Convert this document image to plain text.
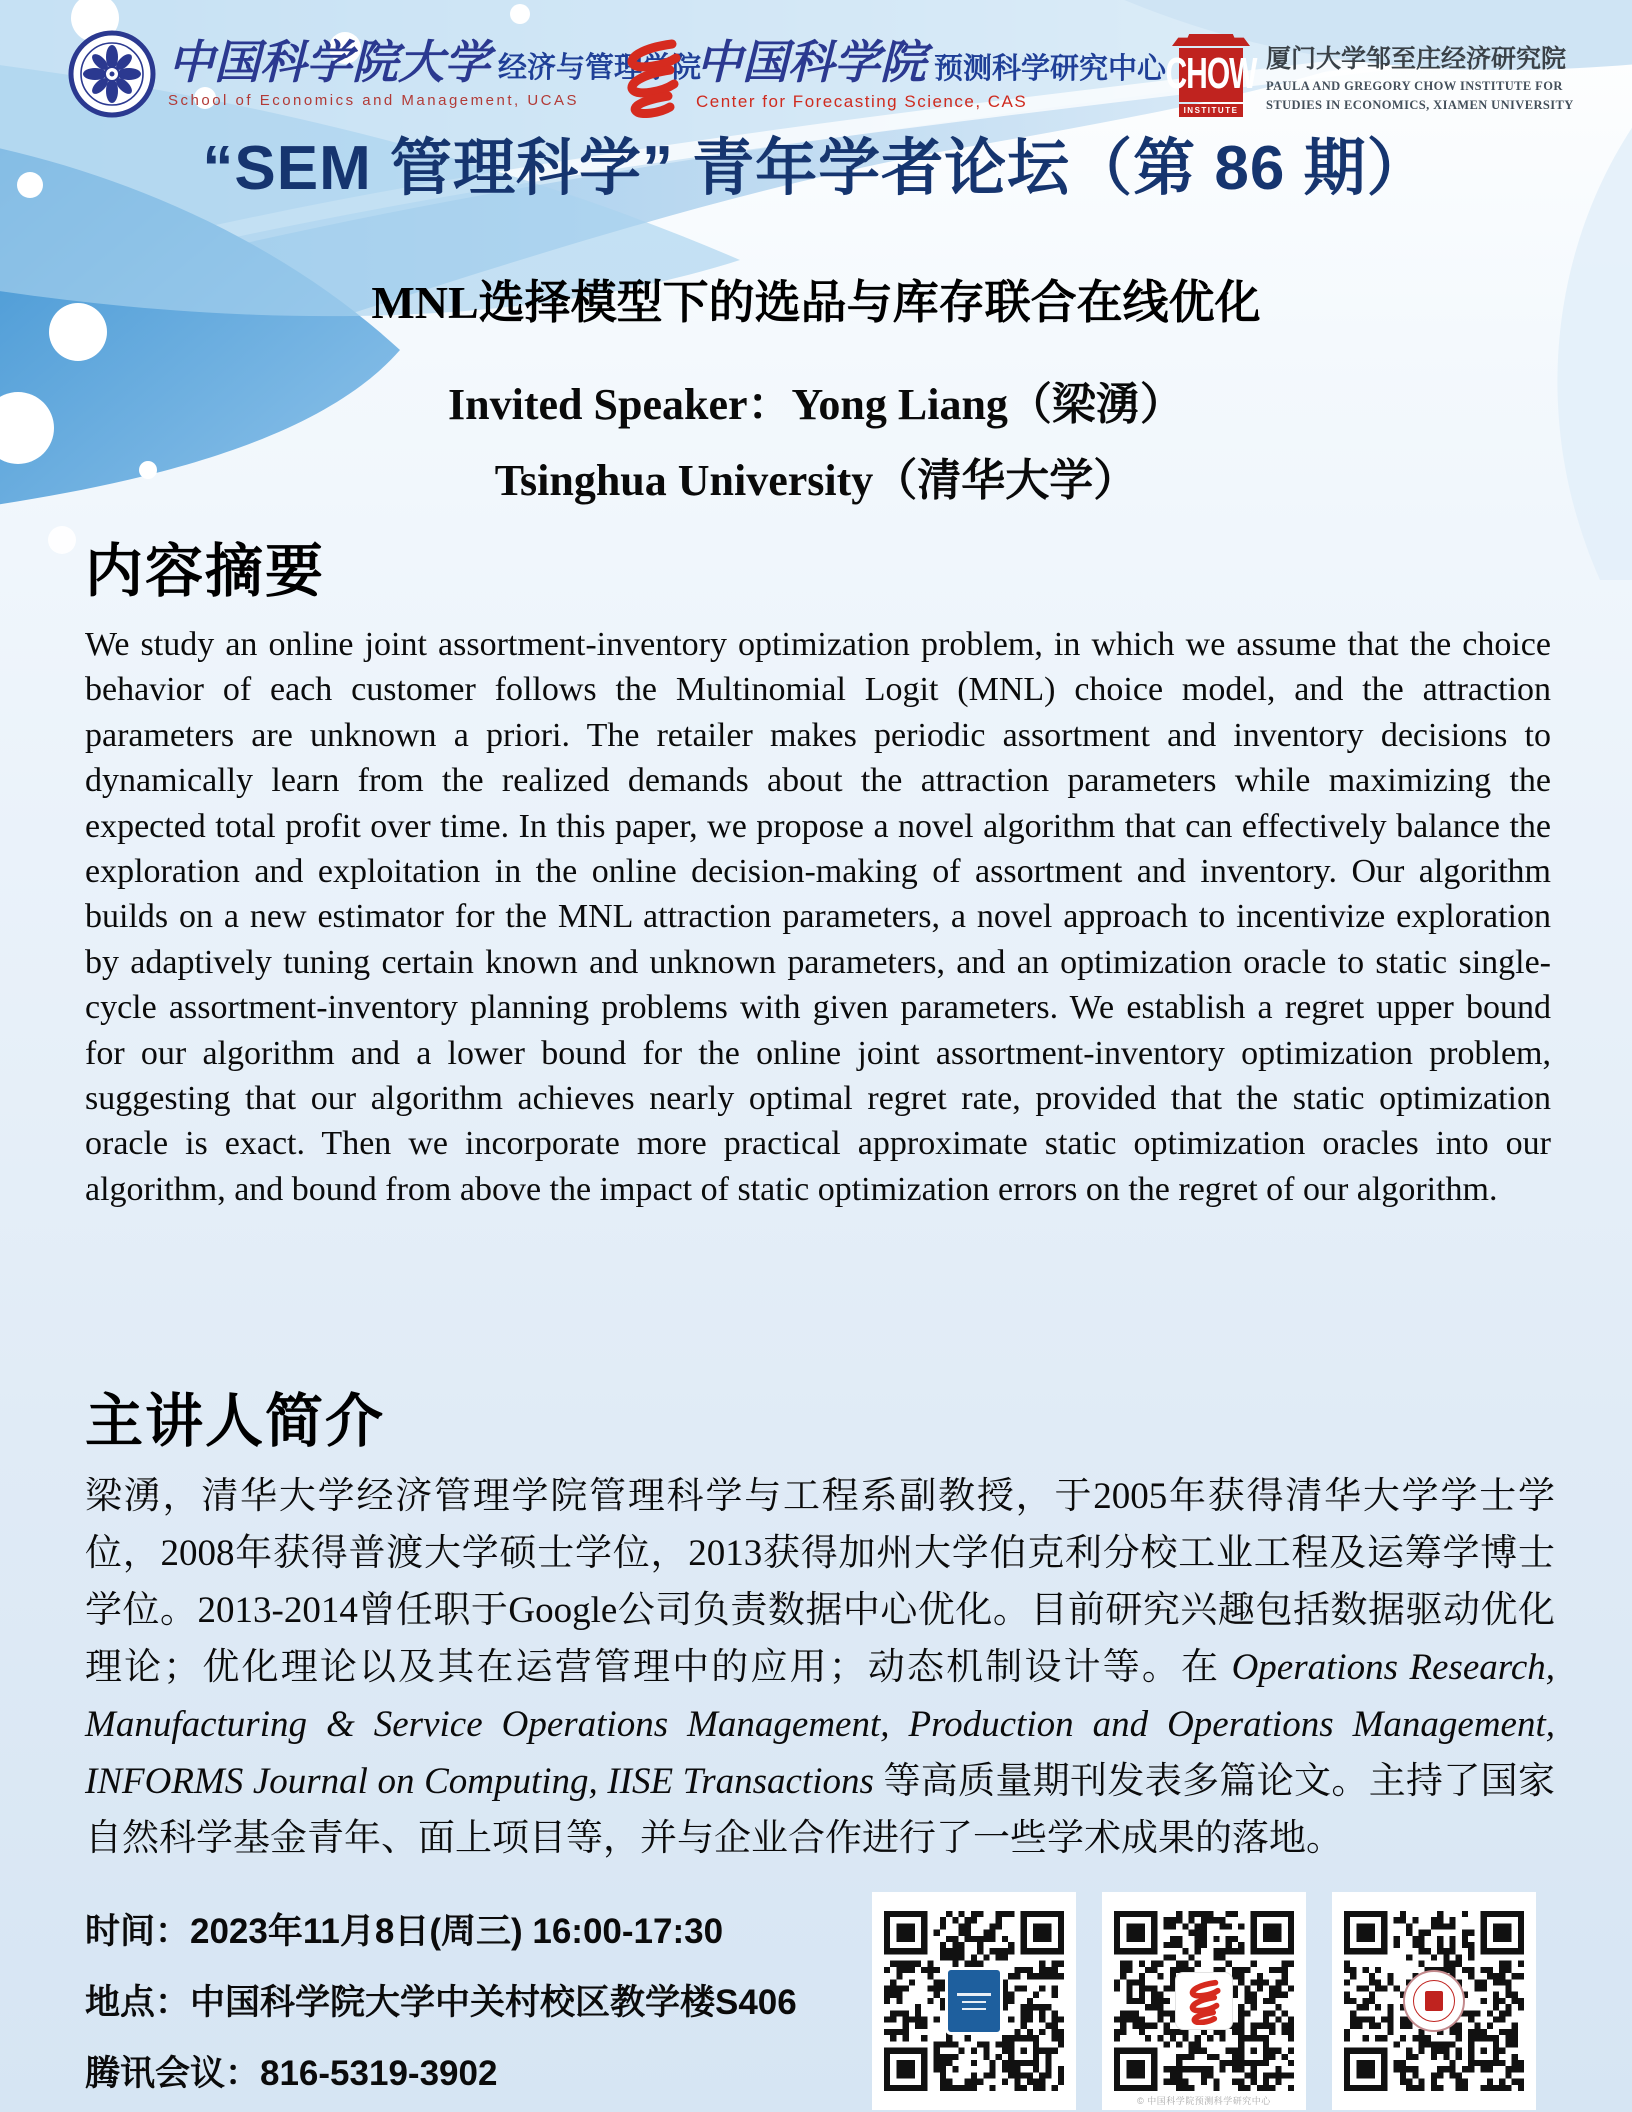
中国科学院大学 经济与管理学院
School of Economics and Management, UCAS
中国科学院 预测科学研究中心
Center for Forecasting Science, CAS
CHOW
INSTITUTE
厦门大学邹至庄经济研究院
PAULA AND GREGORY CHOW INSTITUTE FOR
STUDIES IN ECONOMICS, XIAMEN UNIVERSITY
“SEM 管理科学” 青年学者论坛（第 86 期）
MNL选择模型下的选品与库存联合在线优化
Invited Speaker：Yong Liang（梁湧）
Tsinghua University（清华大学）
内容摘要

We study an online joint assortment-inventory optimization problem, in which we assume that the choice behavior of each customer follows the Multinomial Logit (MNL) choice model, and the attraction parameters are unknown a priori. The retailer makes periodic assortment and inventory decisions to dynamically learn from the realized demands about the attraction parameters while maximizing the expected total profit over time. In this paper, we propose a novel algorithm that can effectively balance the exploration and exploitation in the online decision-making of assortment and inventory. Our algorithm builds on a new estimator for the MNL attraction parameters, a novel approach to incentivize exploration by adaptively tuning certain known and unknown parameters, and an optimization oracle to static single-cycle assortment-inventory planning problems with given parameters. We establish a regret upper bound for our algorithm and a lower bound for the online joint assortment-inventory optimization problem, suggesting that our algorithm achieves nearly optimal regret rate, provided that the static optimization oracle is exact. Then we incorporate more practical approximate static optimization oracles into our algorithm, and bound from above the impact of static optimization errors on the regret of our algorithm.

主讲人简介

梁湧，清华大学经济管理学院管理科学与工程系副教授，于2005年获得清华大学学士学位，2008年获得普渡大学硕士学位，2013获得加州大学伯克利分校工业工程及运筹学博士学位。2013-2014曾任职于Google公司负责数据中心优化。目前研究兴趣包括数据驱动优化理论；优化理论以及其在运营管理中的应用；动态机制设计等。在 Operations Research, Manufacturing & Service Operations Management, Production and Operations Management, INFORMS Journal on Computing, IISE Transactions 等高质量期刊发表多篇论文。主持了国家自然科学基金青年、面上项目等，并与企业合作进行了一些学术成果的落地。

时间：2023年11月8日(周三) 16:00-17:30
地点：中国科学院大学中关村校区教学楼S406
腾讯会议：816-5319-3902
© 中国科学院预测科学研究中心
